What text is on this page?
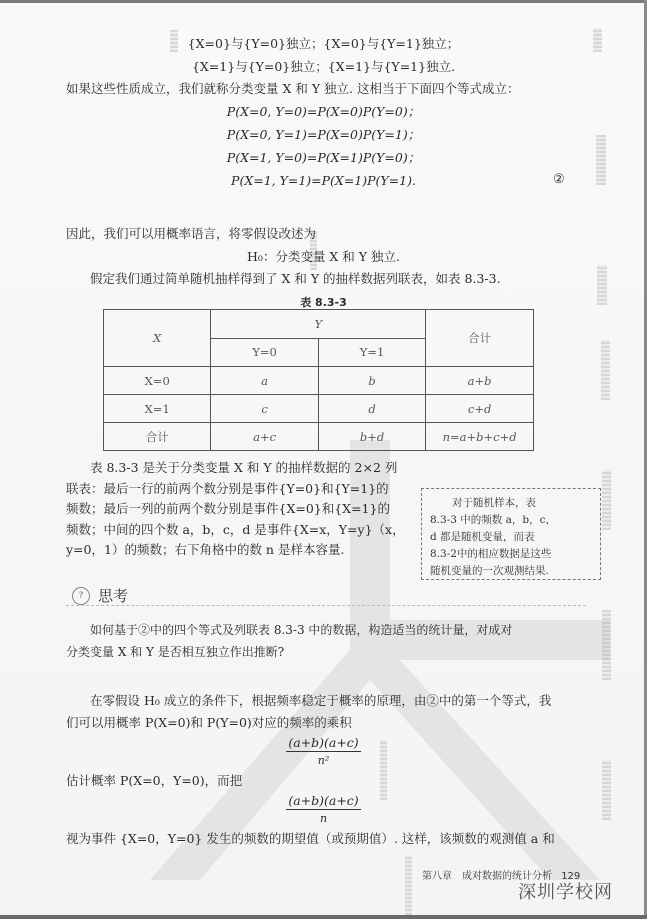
{X=0}与{Y=0}独立；{X=0}与{Y=1}独立；
{X=1}与{Y=0}独立；{X=1}与{Y=1}独立.
如果这些性质成立，我们就称分类变量 X 和 Y 独立. 这相当于下面四个等式成立：
P(X=0, Y=0)=P(X=0)P(Y=0)；
P(X=0, Y=1)=P(X=0)P(Y=1)；
P(X=1, Y=0)=P(X=1)P(Y=0)；
P(X=1, Y=1)=P(X=1)P(Y=1).	②
因此，我们可以用概率语言，将零假设改述为
H₀：分类变量 X 和 Y 独立.
假定我们通过简单随机抽样得到了 X 和 Y 的抽样数据列联表，如表 8.3-3.
表 8.3-3
X	Y		合计
	Y=0	Y=1	
X=0	a	b	a+b
X=1	c	d	c+d
合计	a+c	b+d	n=a+b+c+d
表 8.3-3 是关于分类变量 X 和 Y 的抽样数据的 2×2 列
联表：最后一行的前两个数分别是事件{Y=0}和{Y=1}的
频数；最后一列的前两个数分别是事件{X=0}和{X=1}的
频数；中间的四个数 a，b，c，d 是事件{X=x，Y=y}（x，
y=0，1）的频数；右下角格中的数 n 是样本容量.
对于随机样本，表
8.3-3 中的频数 a，b，c，
d 都是随机变量，而表
8.3-2中的相应数据是这些
随机变量的一次观测结果.
? 思考
如何基于②中的四个等式及列联表 8.3-3 中的数据，构造适当的统计量，对成对
分类变量 X 和 Y 是否相互独立作出推断?
在零假设 H₀ 成立的条件下，根据频率稳定于概率的原理，由②中的第一个等式，我
们可以用概率 P(X=0)和 P(Y=0)对应的频率的乘积
$\frac{(a+b)(a+c)}{\text{n²}}$
估计概率 P(X=0，Y=0)，而把
$\frac{(a+b)(a+c)}{n}$
视为事件 {X=0，Y=0} 发生的频数的期望值（或预期值）. 这样，该频数的观测值 a 和
第八章　成对数据的统计分析 129
深圳学校网
